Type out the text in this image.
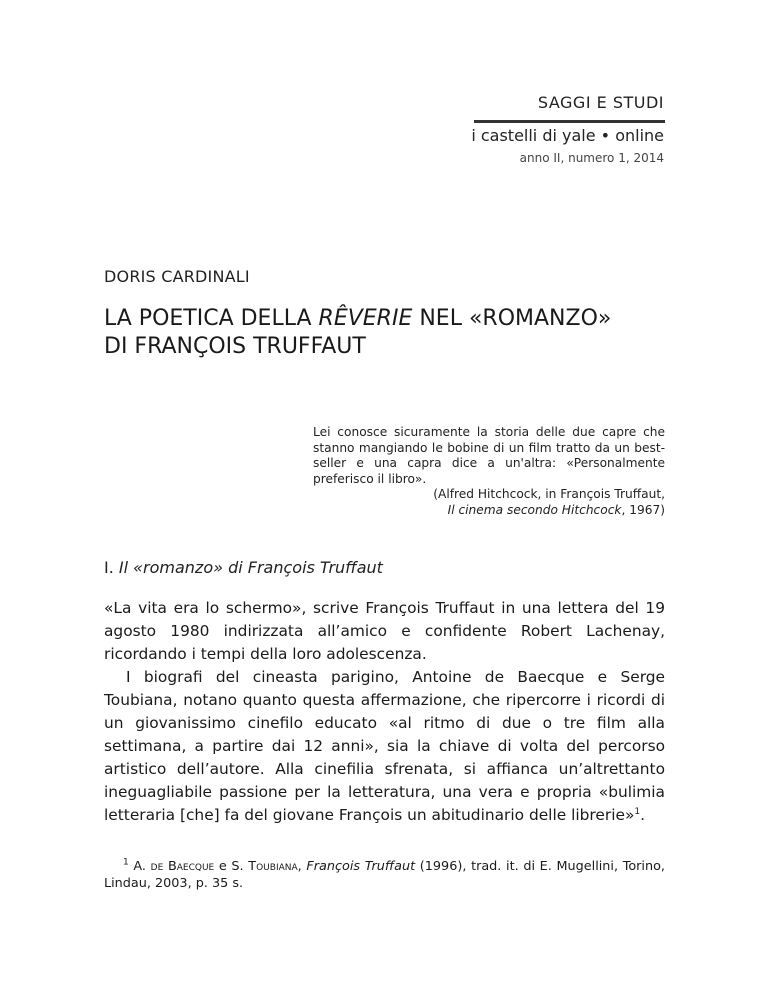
SAGGI E STUDI
i castelli di yale • online
anno II, numero 1, 2014
DORIS CARDINALI
LA POETICA DELLA RÊVERIE NEL «ROMANZO»
DI FRANÇOIS TRUFFAUT
Lei conosce sicuramente la storia delle due capre che stanno mangiando le bobine di un film tratto da un best-seller e una capra dice a un'altra: «Personalmente preferisco il libro».
(Alfred Hitchcock, in François Truffaut,
Il cinema secondo Hitchcock, 1967)
I. Il «romanzo» di François Truffaut

«La vita era lo schermo», scrive François Truffaut in una lettera del 19 agosto 1980 indirizzata all’amico e confidente Robert Lachenay, ricordando i tempi della loro adolescenza.

I biografi del cineasta parigino, Antoine de Baecque e Serge Toubiana, notano quanto questa affermazione, che ripercorre i ricordi di un giovanissimo cinefilo educato «al ritmo di due o tre film alla settimana, a partire dai 12 anni», sia la chiave di volta del percorso artistico dell’autore. Alla cinefilia sfrenata, si affianca un’altrettanto ineguagliabile passione per la letteratura, una vera e propria «bulimia letteraria [che] fa del giovane François un abitudinario delle librerie»$^1$.

$^1$ A. de Baecque e S. Toubiana, François Truffaut (1996), trad. it. di E. Mugellini, Torino, Lindau, 2003, p. 35 s.
